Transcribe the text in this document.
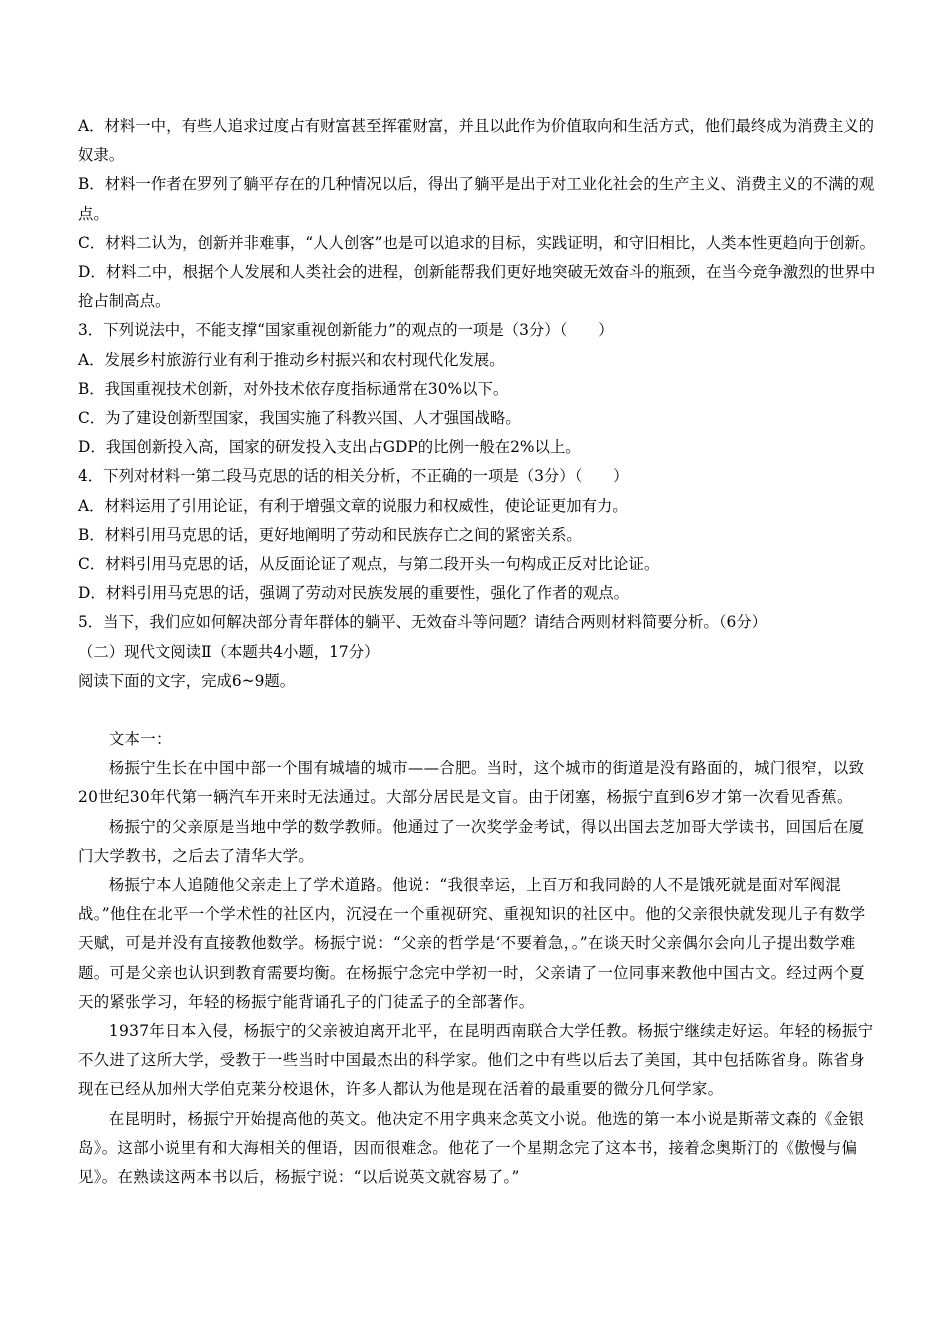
A．材料一中，有些人追求过度占有财富甚至挥霍财富，并且以此作为价值取向和生活方式，他们最终成为消费主义的奴隶。

B．材料一作者在罗列了躺平存在的几种情况以后，得出了躺平是出于对工业化社会的生产主义、消费主义的不满的观点。

C．材料二认为，创新并非难事，“人人创客”也是可以追求的目标，实践证明，和守旧相比，人类本性更趋向于创新。

D．材料二中，根据个人发展和人类社会的进程，创新能帮我们更好地突破无效奋斗的瓶颈，在当今竞争激烈的世界中抢占制高点。

3．下列说法中，不能支撑“国家重视创新能力”的观点的一项是（3分）（　　）

A．发展乡村旅游行业有利于推动乡村振兴和农村现代化发展。

B．我国重视技术创新，对外技术依存度指标通常在30%以下。

C．为了建设创新型国家，我国实施了科教兴国、人才强国战略。

D．我国创新投入高，国家的研发投入支出占GDP的比例一般在2%以上。

4．下列对材料一第二段马克思的话的相关分析，不正确的一项是（3分）（　　）

A．材料运用了引用论证，有利于增强文章的说服力和权威性，使论证更加有力。

B．材料引用马克思的话，更好地阐明了劳动和民族存亡之间的紧密关系。

C．材料引用马克思的话，从反面论证了观点，与第二段开头一句构成正反对比论证。

D．材料引用马克思的话，强调了劳动对民族发展的重要性，强化了作者的观点。

5．当下，我们应如何解决部分青年群体的躺平、无效奋斗等问题？请结合两则材料简要分析。（6分）

（二）现代文阅读Ⅱ（本题共4小题，17分）

阅读下面的文字，完成6~9题。

文本一：

杨振宁生长在中国中部一个围有城墙的城市——合肥。当时，这个城市的街道是没有路面的，城门很窄，以致20世纪30年代第一辆汽车开来时无法通过。大部分居民是文盲。由于闭塞，杨振宁直到6岁才第一次看见香蕉。

杨振宁的父亲原是当地中学的数学教师。他通过了一次奖学金考试，得以出国去芝加哥大学读书，回国后在厦门大学教书，之后去了清华大学。

杨振宁本人追随他父亲走上了学术道路。他说：“我很幸运，上百万和我同龄的人不是饿死就是面对军阀混战。”他住在北平一个学术性的社区内，沉浸在一个重视研究、重视知识的社区中。他的父亲很快就发现儿子有数学天赋，可是并没有直接教他数学。杨振宁说：“父亲的哲学是‘不要着急，。”在谈天时父亲偶尔会向儿子提出数学难题。可是父亲也认识到教育需要均衡。在杨振宁念完中学初一时，父亲请了一位同事来教他中国古文。经过两个夏天的紧张学习，年轻的杨振宁能背诵孔子的门徒孟子的全部著作。

1937年日本入侵，杨振宁的父亲被迫离开北平，在昆明西南联合大学任教。杨振宁继续走好运。年轻的杨振宁不久进了这所大学，受教于一些当时中国最杰出的科学家。他们之中有些以后去了美国，其中包括陈省身。陈省身现在已经从加州大学伯克莱分校退休，许多人都认为他是现在活着的最重要的微分几何学家。

在昆明时，杨振宁开始提高他的英文。他决定不用字典来念英文小说。他选的第一本小说是斯蒂文森的《金银岛》。这部小说里有和大海相关的俚语，因而很难念。他花了一个星期念完了这本书，接着念奥斯汀的《傲慢与偏见》。在熟读这两本书以后，杨振宁说：“以后说英文就容易了。”
